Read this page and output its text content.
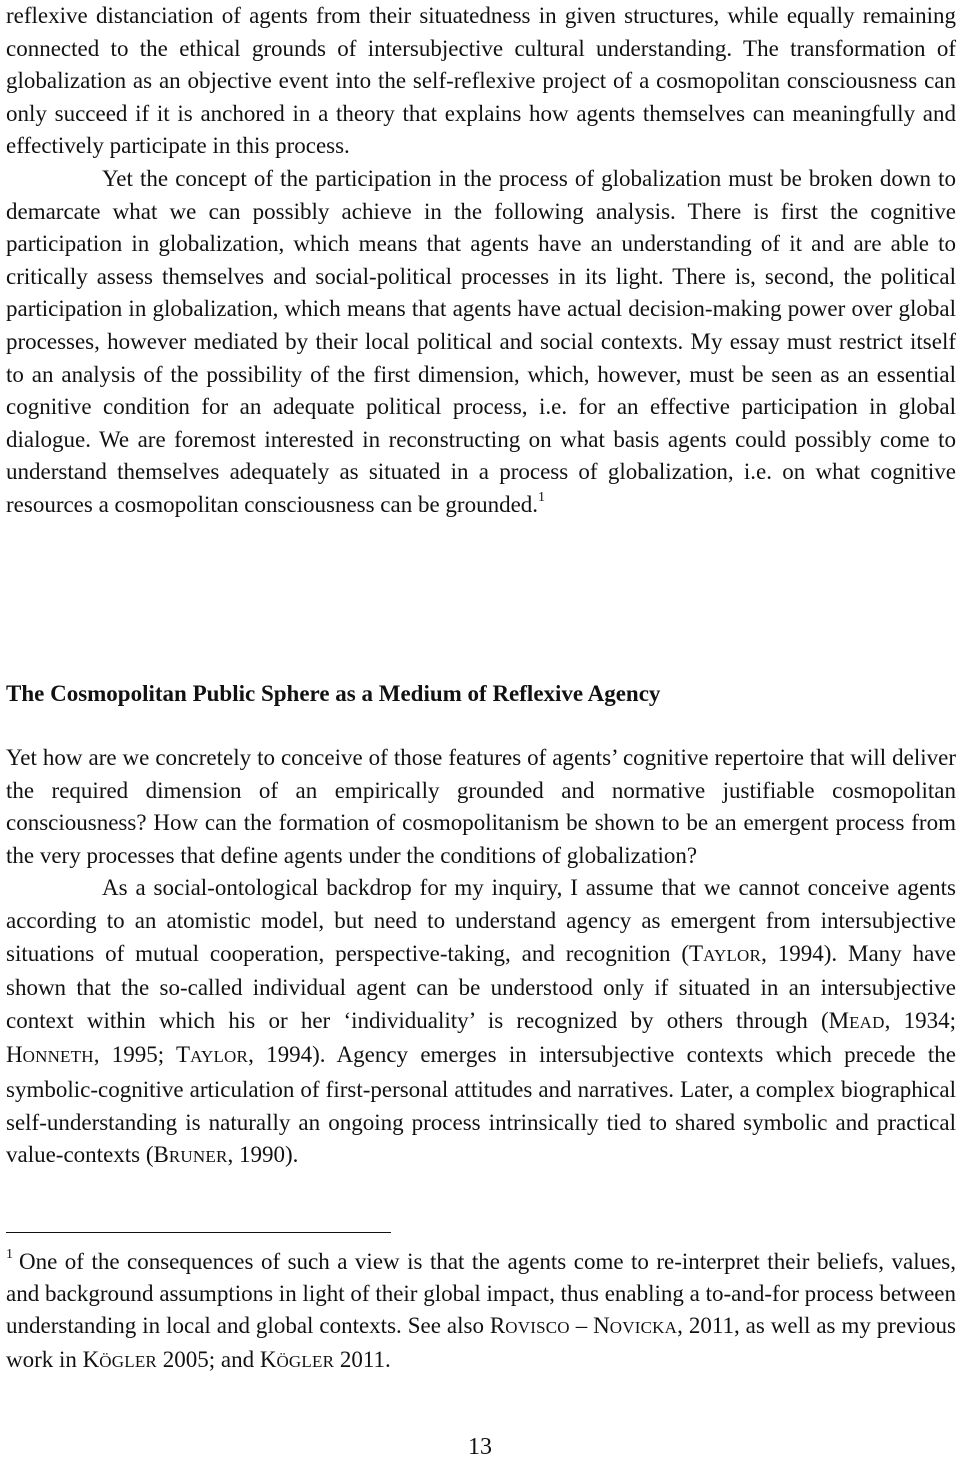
reflexive distanciation of agents from their situatedness in given structures, while equally remaining connected to the ethical grounds of intersubjective cultural understanding. The transformation of globalization as an objective event into the self-reflexive project of a cosmopolitan consciousness can only succeed if it is anchored in a theory that explains how agents themselves can meaningfully and effectively participate in this process.

Yet the concept of the participation in the process of globalization must be broken down to demarcate what we can possibly achieve in the following analysis. There is first the cognitive participation in globalization, which means that agents have an understanding of it and are able to critically assess themselves and social-political processes in its light. There is, second, the political participation in globalization, which means that agents have actual decision-making power over global processes, however mediated by their local political and social contexts. My essay must restrict itself to an analysis of the possibility of the first dimension, which, however, must be seen as an essential cognitive condition for an adequate political process, i.e. for an effective participation in global dialogue. We are foremost interested in reconstructing on what basis agents could possibly come to understand themselves adequately as situated in a process of globalization, i.e. on what cognitive resources a cosmopolitan consciousness can be grounded.$^1$

The Cosmopolitan Public Sphere as a Medium of Reflexive Agency

Yet how are we concretely to conceive of those features of agents’ cognitive repertoire that will deliver the required dimension of an empirically grounded and normative justifiable cosmopolitan consciousness? How can the formation of cosmopolitanism be shown to be an emergent process from the very processes that define agents under the conditions of globalization?

As a social-ontological backdrop for my inquiry, I assume that we cannot conceive agents according to an atomistic model, but need to understand agency as emergent from intersubjective situations of mutual cooperation, perspective-taking, and recognition (TAYLOR, 1994). Many have shown that the so-called individual agent can be understood only if situated in an intersubjective context within which his or her ‘individuality’ is recognized by others through (MEAD, 1934; HONNETH, 1995; TAYLOR, 1994). Agency emerges in intersubjective contexts which precede the symbolic-cognitive articulation of first-personal attitudes and narratives. Later, a complex biographical self-understanding is naturally an ongoing process intrinsically tied to shared symbolic and practical value-contexts (BRUNER, 1990).

$^1$ One of the consequences of such a view is that the agents come to re-interpret their beliefs, values, and background assumptions in light of their global impact, thus enabling a to-and-for process between understanding in local and global contexts. See also ROVISCO – NOVICKA, 2011, as well as my previous work in KÖGLER 2005; and KÖGLER 2011.

13
